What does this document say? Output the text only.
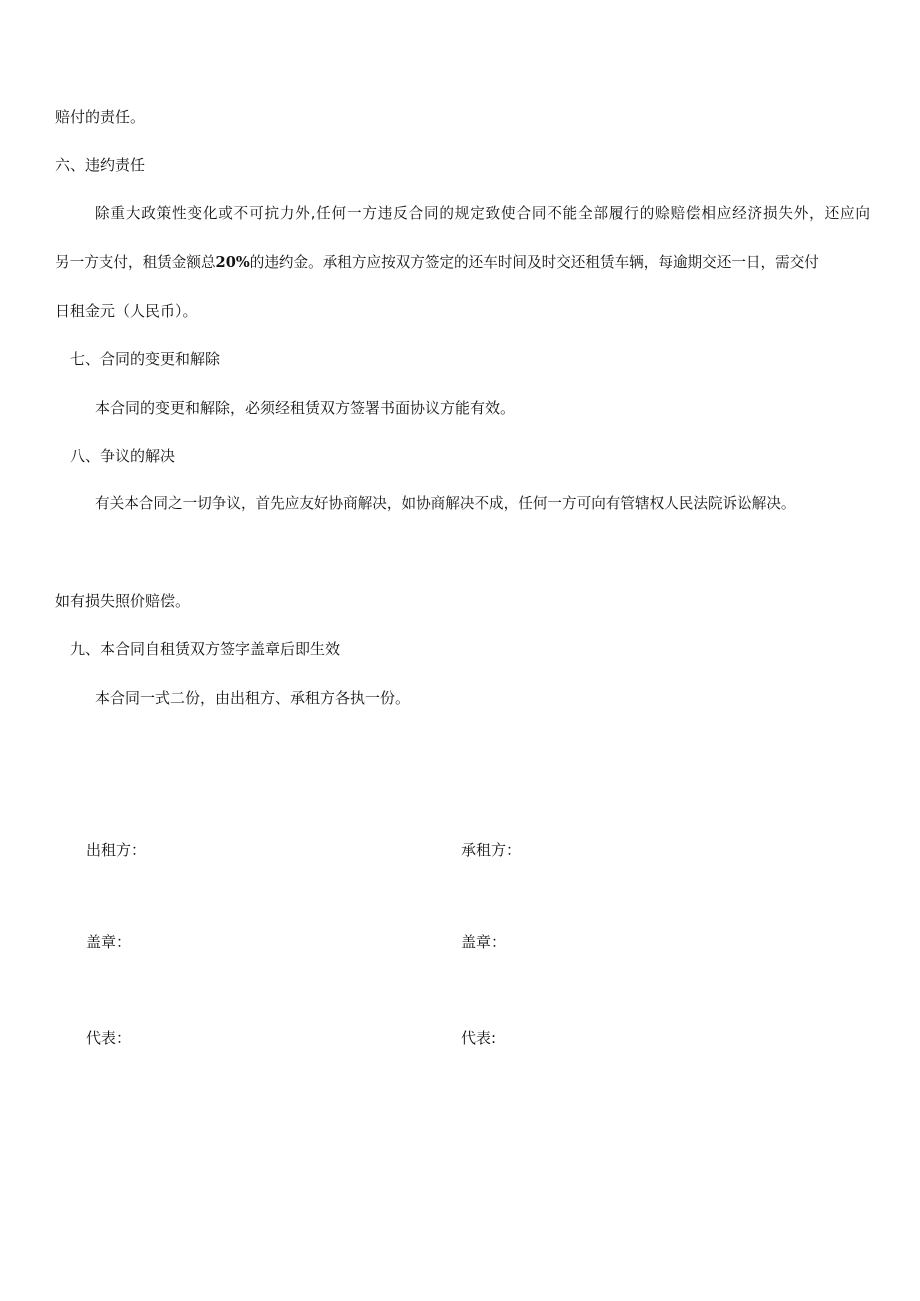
赔付的责任。
六、违约责任
除重大政策性变化或不可抗力外,任何一方违反合同的规定致使合同不能全部履行的赊赔偿相应经济损失外，还应向
另一方支付，租赁金额总20%的违约金。承租方应按双方签定的还车时间及时交还租赁车辆，每逾期交还一日，需交付
日租金元（人民币）。
七、合同的变更和解除
本合同的变更和解除，必须经租赁双方签署书面协议方能有效。
八、争议的解决
有关本合同之一切争议，首先应友好协商解决，如协商解决不成，任何一方可向有管辖权人民法院诉讼解决。
如有损失照价赔偿。
九、本合同自租赁双方签字盖章后即生效
本合同一式二份，由出租方、承租方各执一份。
出租方：	承租方：
盖章：	盖章：
代表：	代表:
